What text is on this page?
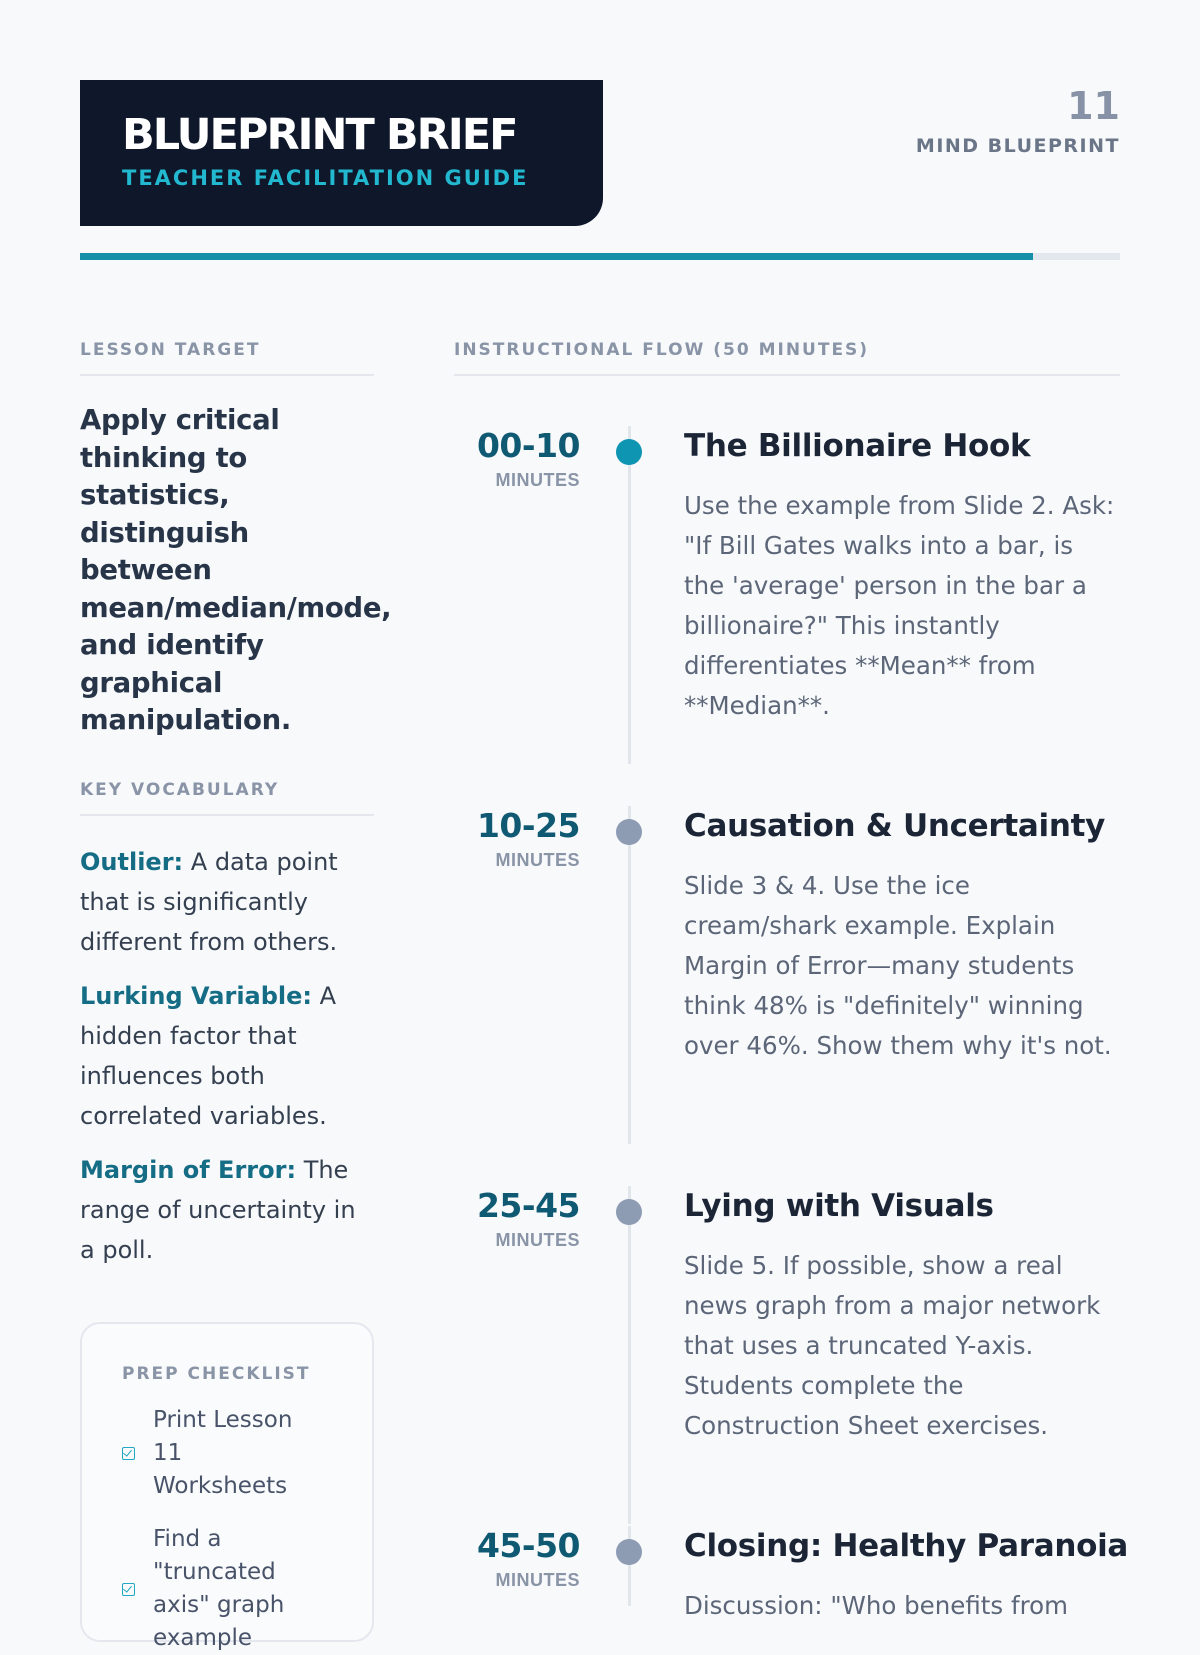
BLUEPRINT BRIEF
TEACHER FACILITATION GUIDE
11
MIND BLUEPRINT
LESSON TARGET
Apply critical thinking to statistics, distinguish between mean/median/mode, and identify graphical manipulation.
KEY VOCABULARY
Outlier: A data point that is significantly different from others.
Lurking Variable: A hidden factor that influences both correlated variables.
Margin of Error: The range of uncertainty in a poll.
PREP CHECKLIST
Print Lesson 11 Worksheets
Find a "truncated axis" graph example
INSTRUCTIONAL FLOW (50 MINUTES)
00-10
MINUTES
The Billionaire Hook
Use the example from Slide 2. Ask: "If Bill Gates walks into a bar, is the 'average' person in the bar a billionaire?" This instantly differentiates **Mean** from **Median**.
10-25
MINUTES
Causation & Uncertainty
Slide 3 & 4. Use the ice cream/shark example. Explain Margin of Error—many students think 48% is "definitely" winning over 46%. Show them why it's not.
25-45
MINUTES
Lying with Visuals
Slide 5. If possible, show a real news graph from a major network that uses a truncated Y-axis. Students complete the Construction Sheet exercises.
45-50
MINUTES
Closing: Healthy Paranoia
Discussion: "Who benefits from
